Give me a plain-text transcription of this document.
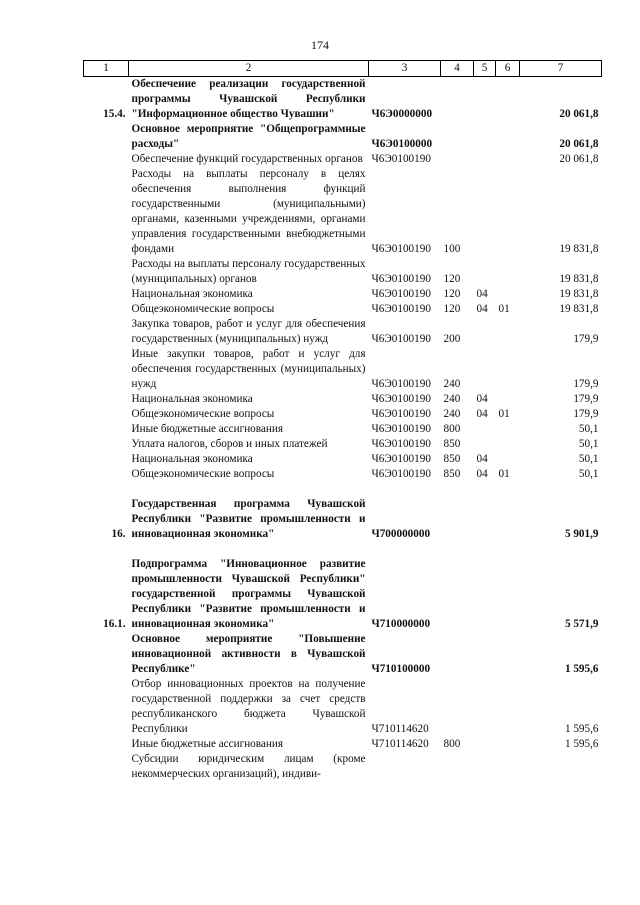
174
1	2	3	4	5	6	7
15.4.	Обеспечение реализации государственной программы Чувашской Республики "Информационное общество Чувашии"	Ч6Э0000000				20 061,8
	Основное мероприятие "Общепрограммные расходы"	Ч6Э0100000				20 061,8
	Обеспечение функций государственных органов	Ч6Э0100190				20 061,8
	Расходы на выплаты персоналу в целях обеспечения выполнения функций государственными (муниципальными) органами, казенными учреждениями, органами управления государственными внебюджетными фондами	Ч6Э0100190	100			19 831,8
	Расходы на выплаты персоналу государственных (муниципальных) органов	Ч6Э0100190	120			19 831,8
	Национальная экономика	Ч6Э0100190	120	04		19 831,8
	Общеэкономические вопросы	Ч6Э0100190	120	04	01	19 831,8
	Закупка товаров, работ и услуг для обеспечения государственных (муниципальных) нужд	Ч6Э0100190	200			179,9
	Иные закупки товаров, работ и услуг для обеспечения государственных (муниципальных) нужд	Ч6Э0100190	240			179,9
	Национальная экономика	Ч6Э0100190	240	04		179,9
	Общеэкономические вопросы	Ч6Э0100190	240	04	01	179,9
	Иные бюджетные ассигнования	Ч6Э0100190	800			50,1
	Уплата налогов, сборов и иных платежей	Ч6Э0100190	850			50,1
	Национальная экономика	Ч6Э0100190	850	04		50,1
	Общеэкономические вопросы	Ч6Э0100190	850	04	01	50,1
16.	Государственная программа Чувашской Республики "Развитие промышленности и инновационная экономика"	Ч700000000				5 901,9
16.1.	Подпрограмма "Инновационное развитие промышленности Чувашской Республики" государственной программы Чувашской Республики "Развитие промышленности и инновационная экономика"	Ч710000000				5 571,9
	Основное мероприятие "Повышение инновационной активности в Чувашской Республике"	Ч710100000				1 595,6
	Отбор инновационных проектов на получение государственной поддержки за счет средств республиканского бюджета Чувашской Республики	Ч710114620				1 595,6
	Иные бюджетные ассигнования	Ч710114620	800			1 595,6
	Субсидии юридическим лицам (кроме некоммерческих организаций), индиви-					
